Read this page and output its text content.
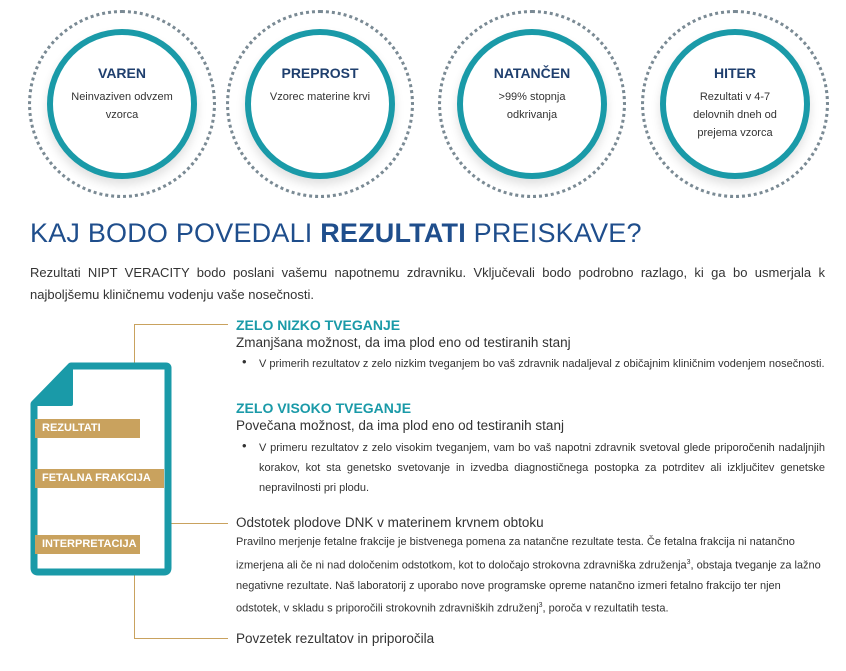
VAREN
Neinvaziven odvzem vzorca
PREPROST
Vzorec materine krvi
NATANČEN
>99% stopnja odkrivanja
HITER
Rezultati v 4-7 delovnih dneh od prejema vzorca
KAJ BODO POVEDALI REZULTATI PREISKAVE?

Rezultati NIPT VERACITY bodo poslani vašemu napotnemu zdravniku. Vključevali bodo podrobno razlago, ki ga bo usmerjala k najboljšemu kliničnemu vodenju vaše nosečnosti.

REZULTATI
FETALNA FRAKCIJA
INTERPRETACIJA
ZELO NIZKO TVEGANJE
Zmanjšana možnost, da ima plod eno od testiranih stanj
• V primerih rezultatov z zelo nizkim tveganjem bo vaš zdravnik nadaljeval z običajnim kliničnim vodenjem nosečnosti.
ZELO VISOKO TVEGANJE
Povečana možnost, da ima plod eno od testiranih stanj
• V primeru rezultatov z zelo visokim tveganjem, vam bo vaš napotni zdravnik svetoval glede priporočenih nadaljnjih korakov, kot sta genetsko svetovanje in izvedba diagnostičnega postopka za potrditev ali izključitev genetske nepravilnosti pri plodu.
Odstotek plodove DNK v materinem krvnem obtoku

Pravilno merjenje fetalne frakcije je bistvenega pomena za natančne rezultate testa. Če fetalna frakcija ni natančno izmerjena ali če ni nad določenim odstotkom, kot to določajo strokovna zdravniška združenja$^3$, obstaja tveganje za lažno negativne rezultate. Naš laboratorij z uporabo nove programske opreme natančno izmeri fetalno frakcijo ter njen odstotek, v skladu s priporočili strokovnih zdravniških združenj$^3$, poroča v rezultatih testa.

Povzetek rezultatov in priporočila
